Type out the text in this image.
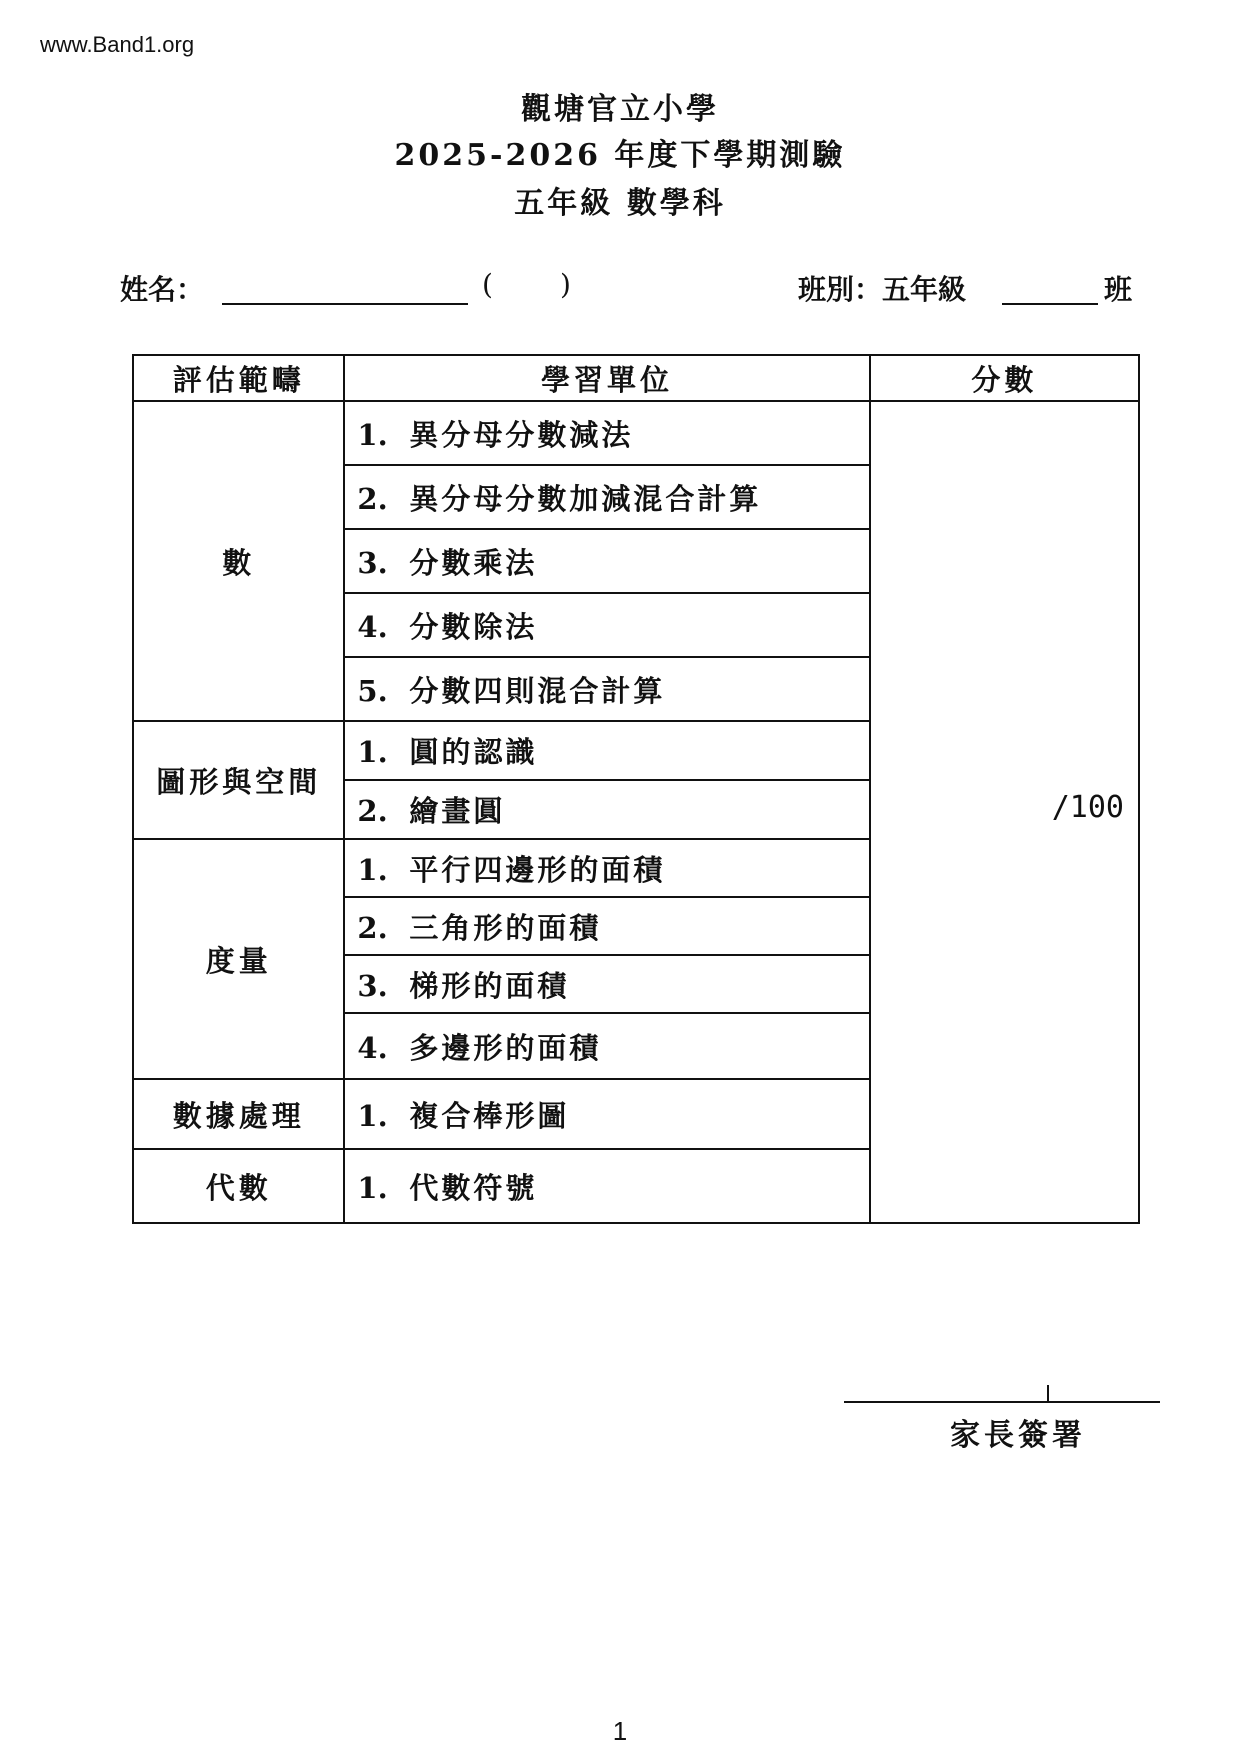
www.Band1.org
觀塘官立小學
2025-2026 年度下學期測驗
五年級 數學科
姓名：	( )	班別：五年級	班
評估範疇	學習單位	分數
數	1. 異分母分數減法	/100

	2. 異分母分數加減混合計算	
	3. 分數乘法	
	4. 分數除法	
	5. 分數四則混合計算	
圖形與空間	1. 圓的認識	
	2. 繪畫圓	
度量	1. 平行四邊形的面積	
	2. 三角形的面積	
	3. 梯形的面積	
	4. 多邊形的面積	
數據處理	1. 複合棒形圖	
代數	1. 代數符號	
家長簽署
1
